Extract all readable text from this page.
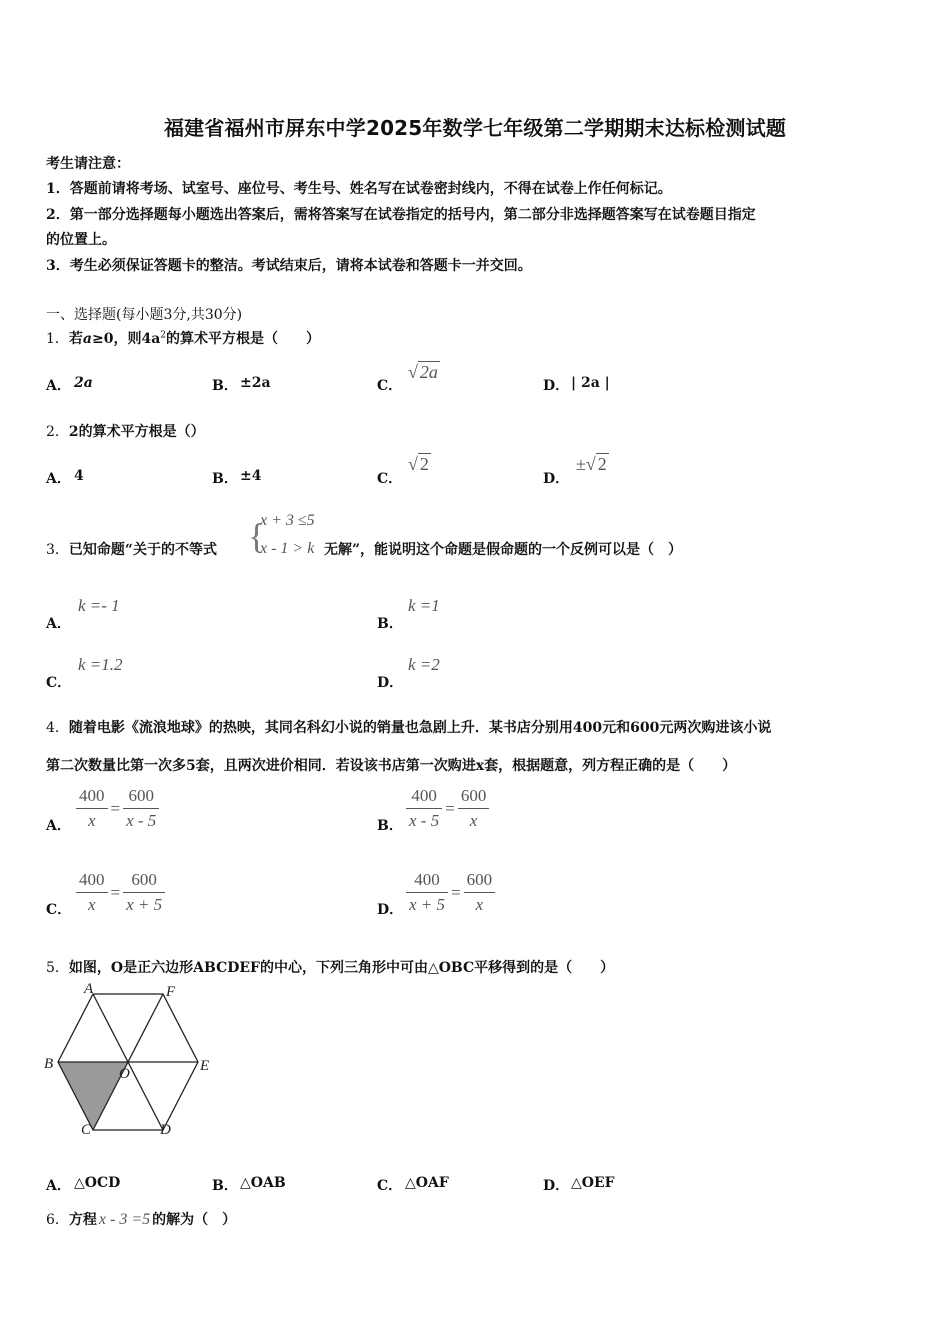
福建省福州市屏东中学2025年数学七年级第二学期期末达标检测试题
考生请注意：
1．答题前请将考场、试室号、座位号、考生号、姓名写在试卷密封线内，不得在试卷上作任何标记。
2．第一部分选择题每小题选出答案后，需将答案写在试卷指定的括号内，第二部分非选择题答案写在试卷题目指定
的位置上。
3．考生必须保证答题卡的整洁。考试结束后，请将本试卷和答题卡一并交回。
一、选择题(每小题3分,共30分)
1．若a≥0，则$4a^2$的算术平方根是（　　）
A． 2a	B． ±2a	C．
√ 2a
D． | 2a |
2．2的算术平方根是（）
A． 4	B． ±4	C．
√ 2
D．
±√ 2
3．已知命题“关于的不等式 {
x + 3 ≤5
x - 1 > k 无解”，能说明这个命题是假命题的一个反例可以是（　）
A．
k =- 1
B．
k =1
C．
k =1.2
D．
k =2
4．随着电影《流浪地球》的热映，其同名科幻小说的销量也急剧上升．某书店分别用400元和600元两次购进该小说
第二次数量比第一次多5套，且两次进价相同．若设该书店第一次购进x套，根据题意，列方程正确的是（　　）
A． $\frac{400}{x} = \frac{600}{x - 5}$	B． $\frac{400}{x - 5} = \frac{600}{x}$
C． $\frac{400}{x} = \frac{600}{x + 5}$	D． $\frac{400}{x + 5} = \frac{600}{x}$
5．如图，O是正六边形ABCDEF的中心，下列三角形中可由△OBC平移得到的是（　　）
A	F
B
O	E
C	D
A． △OCD	B． △OAB	C． △OAF	D． △OEF
6．方程 x - 3 =5 的解为（　）
